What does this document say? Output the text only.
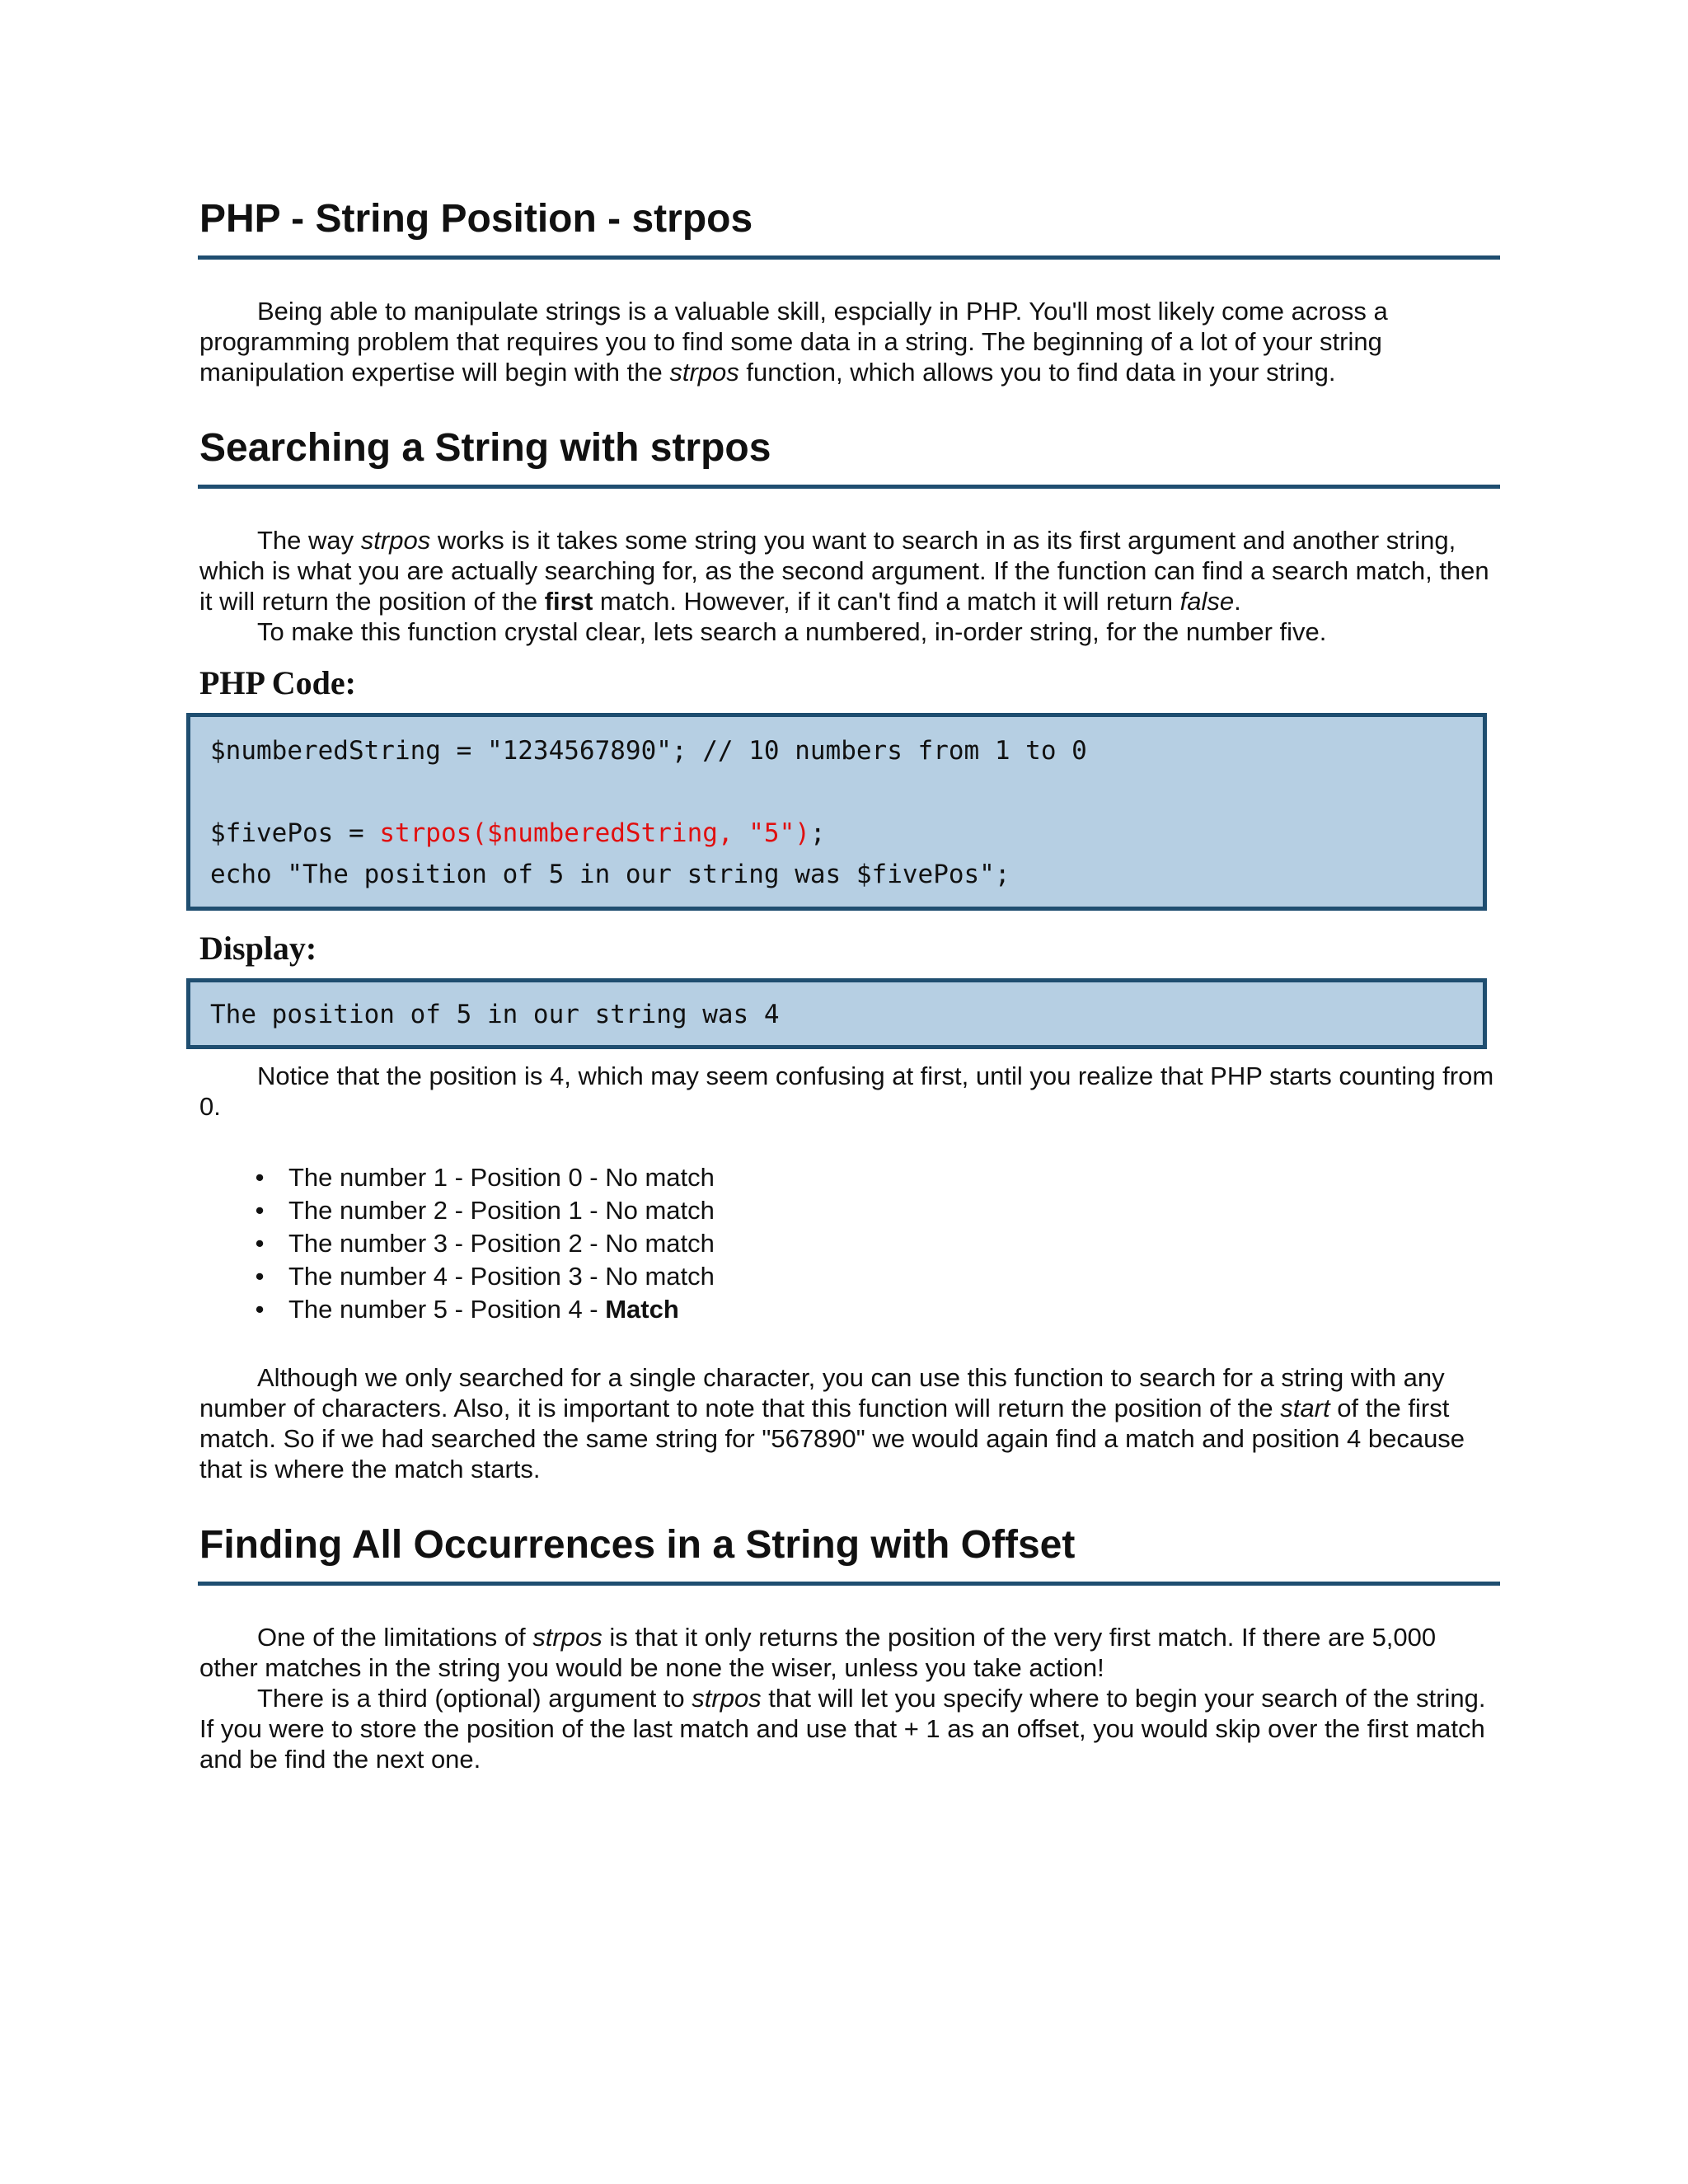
PHP - String Position - strpos

Being able to manipulate strings is a valuable skill, espcially in PHP. You'll most likely come across a programming problem that requires you to find some data in a string. The beginning of a lot of your string manipulation expertise will begin with the strpos function, which allows you to find data in your string.

Searching a String with strpos

The way strpos works is it takes some string you want to search in as its first argument and another string, which is what you are actually searching for, as the second argument. If the function can find a search match, then it will return the position of the first match. However, if it can't find a match it will return false.

To make this function crystal clear, lets search a numbered, in-order string, for the number five.

PHP Code:
$numberedString = "1234567890"; // 10 numbers from 1 to 0
$fivePos = strpos($numberedString, "5");
echo "The position of 5 in our string was $fivePos";
Display:
The position of 5 in our string was 4

Notice that the position is 4, which may seem confusing at first, until you realize that PHP starts counting from 0.

• The number 1 - Position 0 - No match
• The number 2 - Position 1 - No match
• The number 3 - Position 2 - No match
• The number 4 - Position 3 - No match
• The number 5 - Position 4 - Match

Although we only searched for a single character, you can use this function to search for a string with any number of characters. Also, it is important to note that this function will return the position of the start of the first match. So if we had searched the same string for "567890" we would again find a match and position 4 because that is where the match starts.

Finding All Occurrences in a String with Offset

One of the limitations of strpos is that it only returns the position of the very first match. If there are 5,000 other matches in the string you would be none the wiser, unless you take action!

There is a third (optional) argument to strpos that will let you specify where to begin your search of the string. If you were to store the position of the last match and use that + 1 as an offset, you would skip over the first match and be find the next one.
